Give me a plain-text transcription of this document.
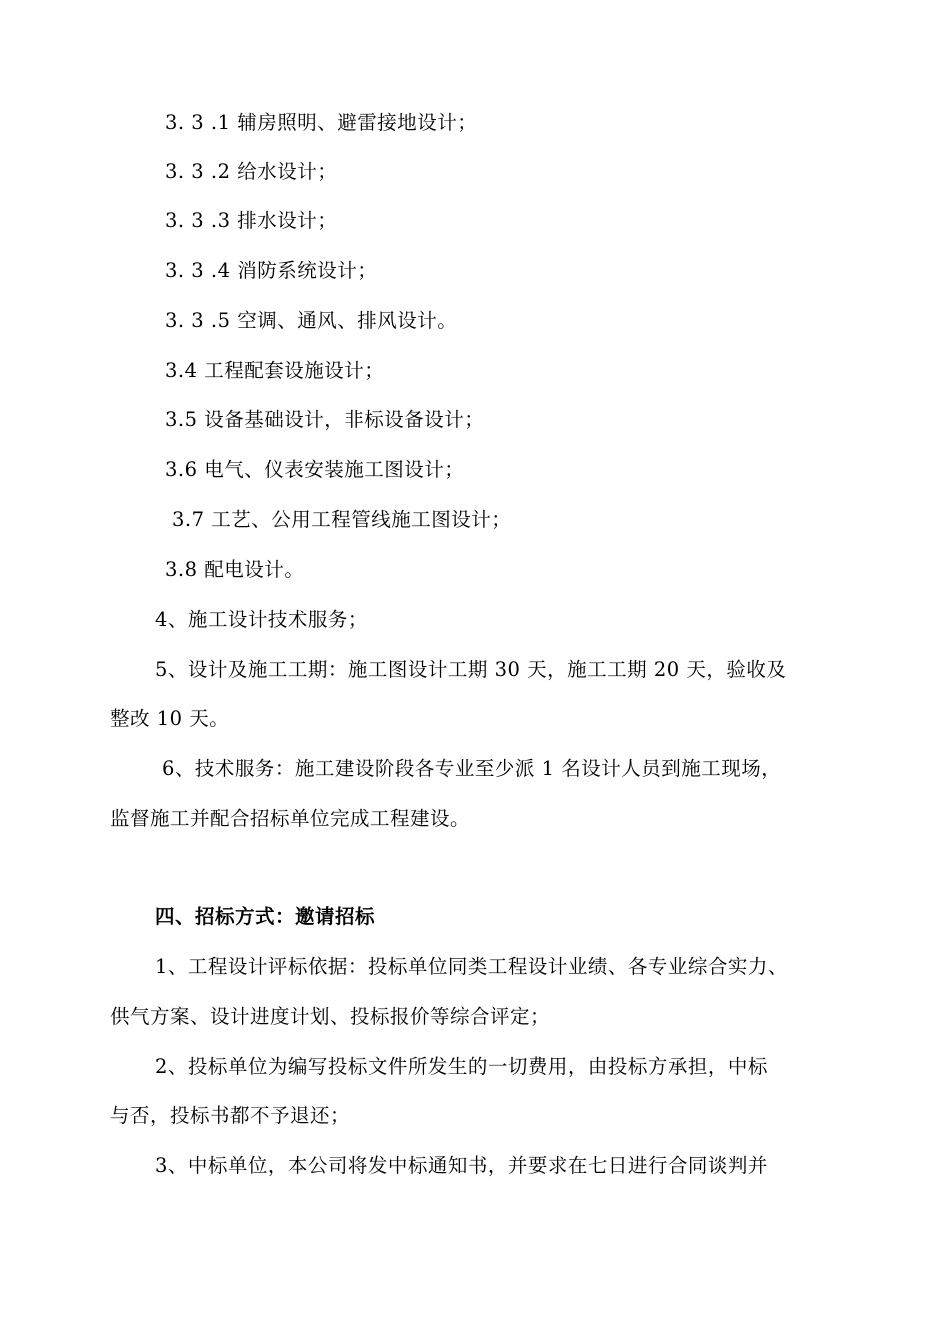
3. 3 .1 辅房照明、避雷接地设计；
3. 3 .2 给水设计；
3. 3 .3 排水设计；
3. 3 .4 消防系统设计；
3. 3 .5 空调、通风、排风设计。
3.4 工程配套设施设计；
3.5 设备基础设计，非标设备设计；
3.6 电气、仪表安装施工图设计；
3.7 工艺、公用工程管线施工图设计；
3.8 配电设计。
4、施工设计技术服务；
5、设计及施工工期：施工图设计工期 30 天，施工工期 20 天，验收及
整改 10 天。
6、技术服务：施工建设阶段各专业至少派 1 名设计人员到施工现场，
监督施工并配合招标单位完成工程建设。
四、招标方式：邀请招标
1、工程设计评标依据：投标单位同类工程设计业绩、各专业综合实力、
供气方案、设计进度计划、投标报价等综合评定；
2、投标单位为编写投标文件所发生的一切费用，由投标方承担，中标
与否，投标书都不予退还；
3、中标单位，本公司将发中标通知书，并要求在七日进行合同谈判并
